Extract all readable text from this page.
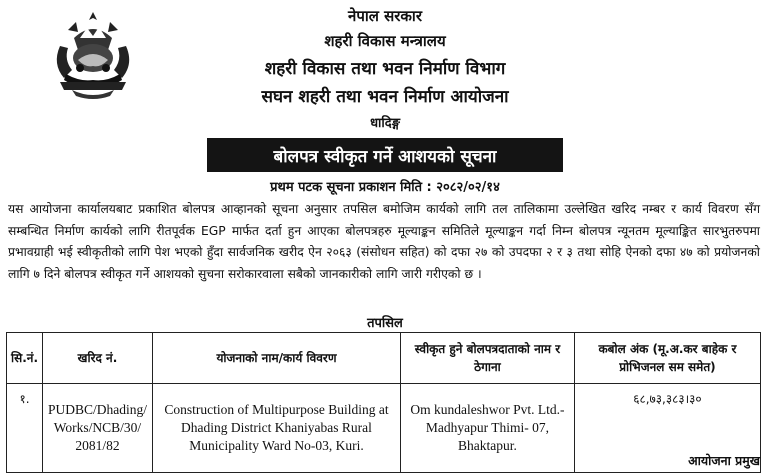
नेपाल सरकार
शहरी विकास मन्त्रालय
शहरी विकास तथा भवन निर्माण विभाग
सघन शहरी तथा भवन निर्माण आयोजना
धादिङ्ग
बोलपत्र स्वीकृत गर्ने आशयको सूचना
प्रथम पटक सूचना प्रकाशन मिति : २०८२/०२/१४
यस आयोजना कार्यालयबाट प्रकाशित बोलपत्र आव्हानको सूचना अनुसार तपसिल बमोजिम कार्यको लागि तल तालिकामा उल्लेखित खरिद नम्बर र कार्य विवरण सँग सम्बन्धित निर्माण कार्यको लागि रीतपूर्वक EGP मार्फत दर्ता हुन आएका बोलपत्रहरु मूल्याङ्कन समितिले मूल्याङ्कन गर्दा निम्न बोलपत्र न्यूनतम मूल्याङ्कित सारभुतरुपमा प्रभावग्राही भई स्वीकृतीको लागि पेश भएको हुँदा सार्वजनिक खरीद ऐन २०६३ (संसोधन सहित) को दफा २७ को उपदफा २ र ३ तथा सोहि ऐनको दफा ४७ को प्रयोजनको लागि ७ दिने बोलपत्र स्वीकृत गर्ने आशयको सुचना सरोकारवाला सबैको जानकारीको लागि जारी गरीएको छ ।
तपसिल
सि.नं.	खरिद नं.	योजनाको नाम/कार्य विवरण	स्वीकृत हुने बोलपत्रदाताको नाम र ठेगाना	कबोल अंक (मू.अ.कर बाहेक र प्रोभिजनल सम समेत)
१.	PUDBC/Dhading/ Works/NCB/30/ 2081/82	Construction of Multipurpose Building at Dhading District Khaniyabas Rural Municipality Ward No-03, Kuri.	Om kundaleshwor Pvt. Ltd.- Madhyapur Thimi- 07, Bhaktapur.	६८,७३,३८३।३०
आयोजना प्रमुख
